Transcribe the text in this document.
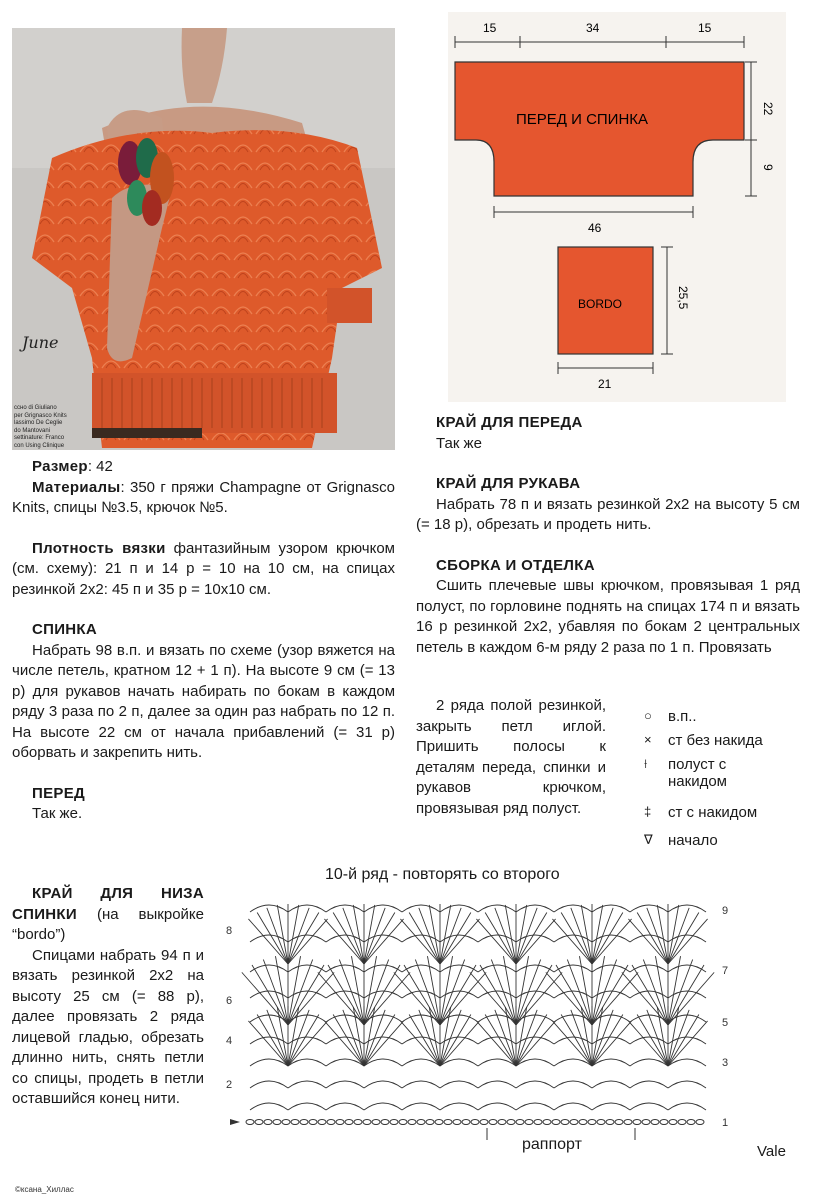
June
ссно di Giuliano
per Grignasco Knits
lassimo De Ceglie
do Mantovani
settinature: Franco
con Using Clinique

Размер: 42

Материалы: 350 г пряжи Champagne от Grignasco Knits, спицы №3.5, крючок №5.

Плотность вязки фантазийным узором крючком (см. схему): 21 п и 14 р = 10 на 10 см, на спицах резинкой 2х2: 45 п и 35 р = 10х10 см.

СПИНКА

Набрать 98 в.п. и вязать по схеме (узор вяжется на числе петель, кратном 12 + 1 п). На высоте 9 см (= 13 р) для рукавов начать набирать по бокам в каждом ряду 3 раза по 2 п, далее за один раз набрать по 12 п. На высоте 22 см от начала прибавлений (= 31 р) оборвать и закрепить нить.

ПЕРЕД

Так же.

КРАЙ ДЛЯ НИЗА СПИНКИ (на выкройке “bordo”)

Спицами набрать 94 п и вязать резинкой 2х2 на высоту 25 см (= 88 р), далее провязать 2 ряда лицевой гладью, обрезать длинно нить, снять петли со спицы, продеть в петли оставшийся конец нити.

КРАЙ ДЛЯ ПЕРЕДА

Так же

КРАЙ ДЛЯ РУКАВА

Набрать 78 п и вязать резинкой 2х2 на высоту 5 см (= 18 р), обрезать и продеть нить.

СБОРКА И ОТДЕЛКА

Сшить плечевые швы крючком, провязывая 1 ряд полуст, по горловине поднять на спицах 174 п и вязать 16 р резинкой 2х2, убавляя по бокам 2 центральных петель в каждом 6-м ряду 2 раза по 1 п. Провязать

2 ряда полой резинкой, закрыть петл иглой. Пришить полосы к деталям переда, спинки и рукавов крючком, провязывая ряд полуст.

15	34	15
ПЕРЕД И СПИНКА
22
9
46
BORDO	25,5
21
○ в.п..
× ст без накида
⟊ полуст с накидом
‡ ст с накидом
∇ начало
10-й ряд - повторять со второго
8
6
4
2
9
7
5
3
1
раппорт	Vale
©ксана_Хиллас
